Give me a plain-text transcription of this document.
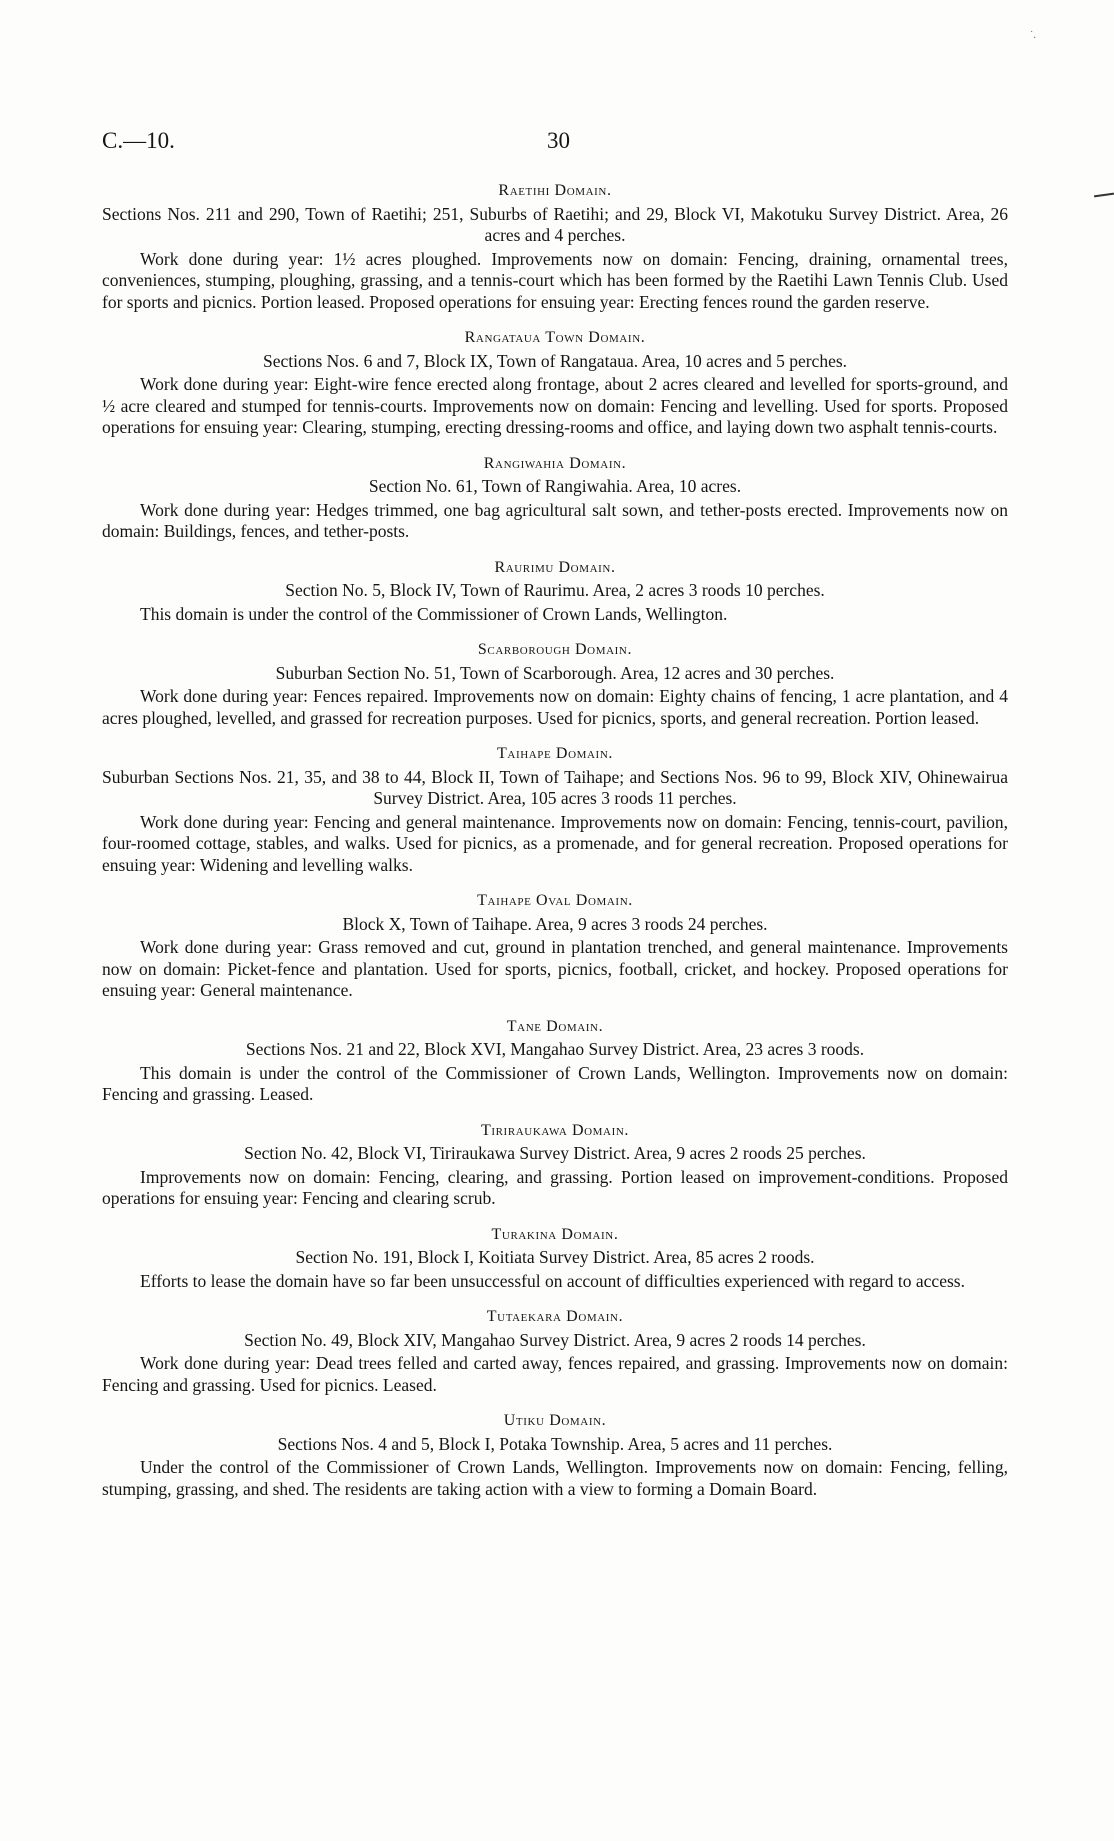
˙.
C.—10.	30
Raetihi Domain.

Sections Nos. 211 and 290, Town of Raetihi; 251, Suburbs of Raetihi; and 29, Block VI, Makotuku Survey District. Area, 26 acres and 4 perches.

Work done during year: 1½ acres ploughed. Improvements now on domain: Fencing, draining, ornamental trees, conveniences, stumping, ploughing, grassing, and a tennis-court which has been formed by the Raetihi Lawn Tennis Club. Used for sports and picnics. Portion leased. Proposed operations for ensuing year: Erecting fences round the garden reserve.

Rangataua Town Domain.

Sections Nos. 6 and 7, Block IX, Town of Rangataua. Area, 10 acres and 5 perches.

Work done during year: Eight-wire fence erected along frontage, about 2 acres cleared and levelled for sports-ground, and ½ acre cleared and stumped for tennis-courts. Improvements now on domain: Fencing and levelling. Used for sports. Proposed operations for ensuing year: Clearing, stumping, erecting dressing-rooms and office, and laying down two asphalt tennis-courts.

Rangiwahia Domain.

Section No. 61, Town of Rangiwahia. Area, 10 acres.

Work done during year: Hedges trimmed, one bag agricultural salt sown, and tether-posts erected. Improvements now on domain: Buildings, fences, and tether-posts.

Raurimu Domain.

Section No. 5, Block IV, Town of Raurimu. Area, 2 acres 3 roods 10 perches.

This domain is under the control of the Commissioner of Crown Lands, Wellington.

Scarborough Domain.

Suburban Section No. 51, Town of Scarborough. Area, 12 acres and 30 perches.

Work done during year: Fences repaired. Improvements now on domain: Eighty chains of fencing, 1 acre plantation, and 4 acres ploughed, levelled, and grassed for recreation purposes. Used for picnics, sports, and general recreation. Portion leased.

Taihape Domain.

Suburban Sections Nos. 21, 35, and 38 to 44, Block II, Town of Taihape; and Sections Nos. 96 to 99, Block XIV, Ohinewairua Survey District. Area, 105 acres 3 roods 11 perches.

Work done during year: Fencing and general maintenance. Improvements now on domain: Fencing, tennis-court, pavilion, four-roomed cottage, stables, and walks. Used for picnics, as a promenade, and for general recreation. Proposed operations for ensuing year: Widening and levelling walks.

Taihape Oval Domain.

Block X, Town of Taihape. Area, 9 acres 3 roods 24 perches.

Work done during year: Grass removed and cut, ground in plantation trenched, and general maintenance. Improvements now on domain: Picket-fence and plantation. Used for sports, picnics, football, cricket, and hockey. Proposed operations for ensuing year: General maintenance.

Tane Domain.

Sections Nos. 21 and 22, Block XVI, Mangahao Survey District. Area, 23 acres 3 roods.

This domain is under the control of the Commissioner of Crown Lands, Wellington. Improvements now on domain: Fencing and grassing. Leased.

Tiriraukawa Domain.

Section No. 42, Block VI, Tiriraukawa Survey District. Area, 9 acres 2 roods 25 perches.

Improvements now on domain: Fencing, clearing, and grassing. Portion leased on improvement-conditions. Proposed operations for ensuing year: Fencing and clearing scrub.

Turakina Domain.

Section No. 191, Block I, Koitiata Survey District. Area, 85 acres 2 roods.

Efforts to lease the domain have so far been unsuccessful on account of difficulties experienced with regard to access.

Tutaekara Domain.

Section No. 49, Block XIV, Mangahao Survey District. Area, 9 acres 2 roods 14 perches.

Work done during year: Dead trees felled and carted away, fences repaired, and grassing. Improvements now on domain: Fencing and grassing. Used for picnics. Leased.

Utiku Domain.

Sections Nos. 4 and 5, Block I, Potaka Township. Area, 5 acres and 11 perches.

Under the control of the Commissioner of Crown Lands, Wellington. Improvements now on domain: Fencing, felling, stumping, grassing, and shed. The residents are taking action with a view to forming a Domain Board.
